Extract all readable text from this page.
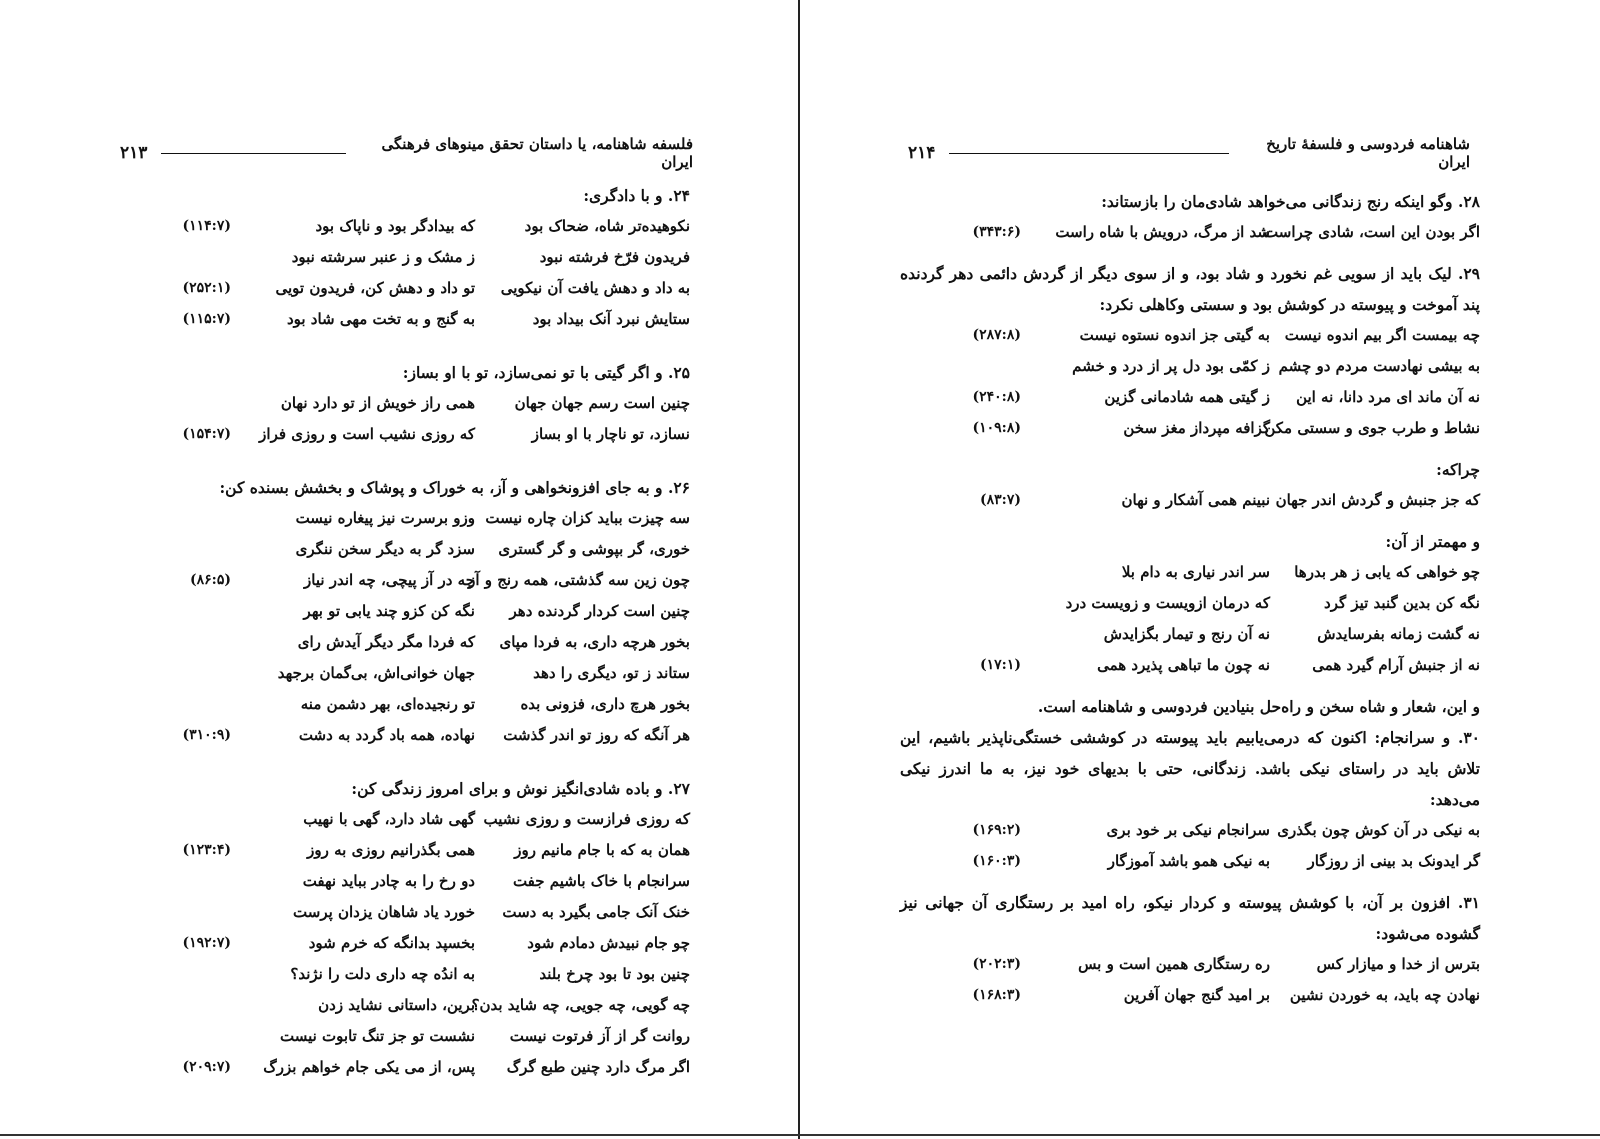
فلسفه شاهنامه، یا داستان تحقق مینوهای فرهنگی ایران
۲۱۳
۲۴. و با دادگری:
نکوهیده‌تر شاه، ضحاک بود
که بیدادگر بود و ناپاک بود
(۱۱۴:۷)
فریدون فرّخ فرشته نبود
ز مشک و ز عنبر سرشته نبود
به داد و دهش یافت آن نیکویی
تو داد و دهش کن، فریدون تویی
(۲۵۲:۱)
ستایش نبرد آنک بیداد بود
به گنج و به تخت مهی شاد بود
(۱۱۵:۷)
۲۵. و اگر گیتی با تو نمی‌سازد، تو با او بساز:
چنین است رسم جهان جهان
همی راز خویش از تو دارد نهان
نسازد، تو ناچار با او بساز
که روزی نشیب است و روزی فراز
(۱۵۴:۷)
۲۶. و به جای افزونخواهی و آز، به خوراک و پوشاک و بخشش بسنده کن:
سه چیزت بباید کزان چاره نیست
وزو برسرت نیز پیغاره نیست
خوری، گر بپوشی و گر گستری
سزد گر به دیگر سخن ننگری
چون زین سه گذشتی، همه رنج و آز
چه در آز پیچی، چه اندر نیاز
(۸۶:۵)
چنین است کردار گردنده دهر
نگه کن کزو چند یابی تو بهر
بخور هرچه داری، به فردا مپای
که فردا مگر دیگر آیدش رای
ستاند ز تو، دیگری را دهد
جهان خوانی‌اش، بی‌گمان برجهد
بخور هرچ داری، فزونی بده
تو رنجیده‌ای، بهر دشمن منه
هر آنگه که روز تو اندر گذشت
نهاده، همه باد گردد به دشت
(۳۱۰:۹)
۲۷. و باده شادی‌انگیز نوش و برای امروز زندگی کن:
که روزی فرازست و روزی نشیب
گهی شاد دارد، گهی با نهیب
همان به که با جام مانیم روز
همی بگذرانیم روزی به روز
(۱۲۳:۴)
سرانجام با خاک باشیم جفت
دو رخ را به چادر بباید نهفت
خنک آنک جامی بگیرد به دست
خورد یاد شاهان یزدان پرست
چو جام نبیدش دمادم شود
بخسپد بدانگه که خرم شود
(۱۹۲:۷)
چنین بود تا بود چرخ بلند
به اندُه چه داری دلت را نژند؟
چه گویی، چه جویی، چه شاید بدن؟
برین، داستانی نشاید زدن
روانت گر از آز فرتوت نیست
نشست تو جز تنگ تابوت نیست
اگر مرگ دارد چنین طبع گرگ
پس، از می یکی جام خواهم بزرگ
(۲۰۹:۷)
شاهنامه فردوسی و فلسفهٔ تاریخ ایران
۲۱۴
۲۸. وگو اینکه رنج زندگانی می‌خواهد شادی‌مان را بازستاند:
اگر بودن این است، شادی چراست
شد از مرگ، درویش با شاه راست
(۳۴۳:۶)
۲۹. لیک باید از سویی غم نخورد و شاد بود، و از سوی دیگر از گردش دائمی دهر گردنده پند آموخت و پیوسته در کوشش بود و سستی وکاهلی نکرد:
چه بیمست اگر بیم اندوه نیست
به گیتی جز اندوه نستوه نیست
(۲۸۷:۸)
به بیشی نهادست مردم دو چشم
ز کمّی بود دل پر از درد و خشم
نه آن ماند ای مرد دانا، نه این
ز گیتی همه شادمانی گزین
(۲۴۰:۸)
نشاط و طرب جوی و سستی مکن
گزافه مپرداز مغز سخن
(۱۰۹:۸)
چراکه:
که جز جنبش و گردش اندر جهان
نبینم همی آشکار و نهان
(۸۳:۷)
و مهمتر از آن:
چو خواهی که یابی ز هر بدرها
سر اندر نیاری به دام بلا
نگه کن بدین گنبد تیز گرد
که درمان ازویست و زویست درد
نه گشت زمانه بفرسایدش
نه آن رنج و تیمار بگزایدش
نه از جنبش آرام گیرد همی
نه چون ما تباهی پذیرد همی
(۱۷:۱)
و این، شعار و شاه سخن و راه‌حل بنیادین فردوسی و شاهنامه است.
۳۰. و سرانجام: اکنون که درمی‌یابیم باید پیوسته در کوششی خستگی‌ناپذیر باشیم، این تلاش باید در راستای نیکی باشد. زندگانی، حتی با بدیهای خود نیز، به ما اندرز نیکی می‌دهد:
به نیکی در آن کوش چون بگذری
سرانجام نیکی بر خود بری
(۱۶۹:۲)
گر ایدونک بد بینی از روزگار
به نیکی همو باشد آموزگار
(۱۶۰:۳)
۳۱. افزون بر آن، با کوشش پیوسته و کردار نیکو، راه امید بر رستگاری آن جهانی نیز گشوده می‌شود:
بترس از خدا و میازار کس
ره رستگاری همین است و بس
(۲۰۲:۳)
نهادن چه باید، به خوردن نشین
بر امید گنج جهان آفرین
(۱۶۸:۳)
